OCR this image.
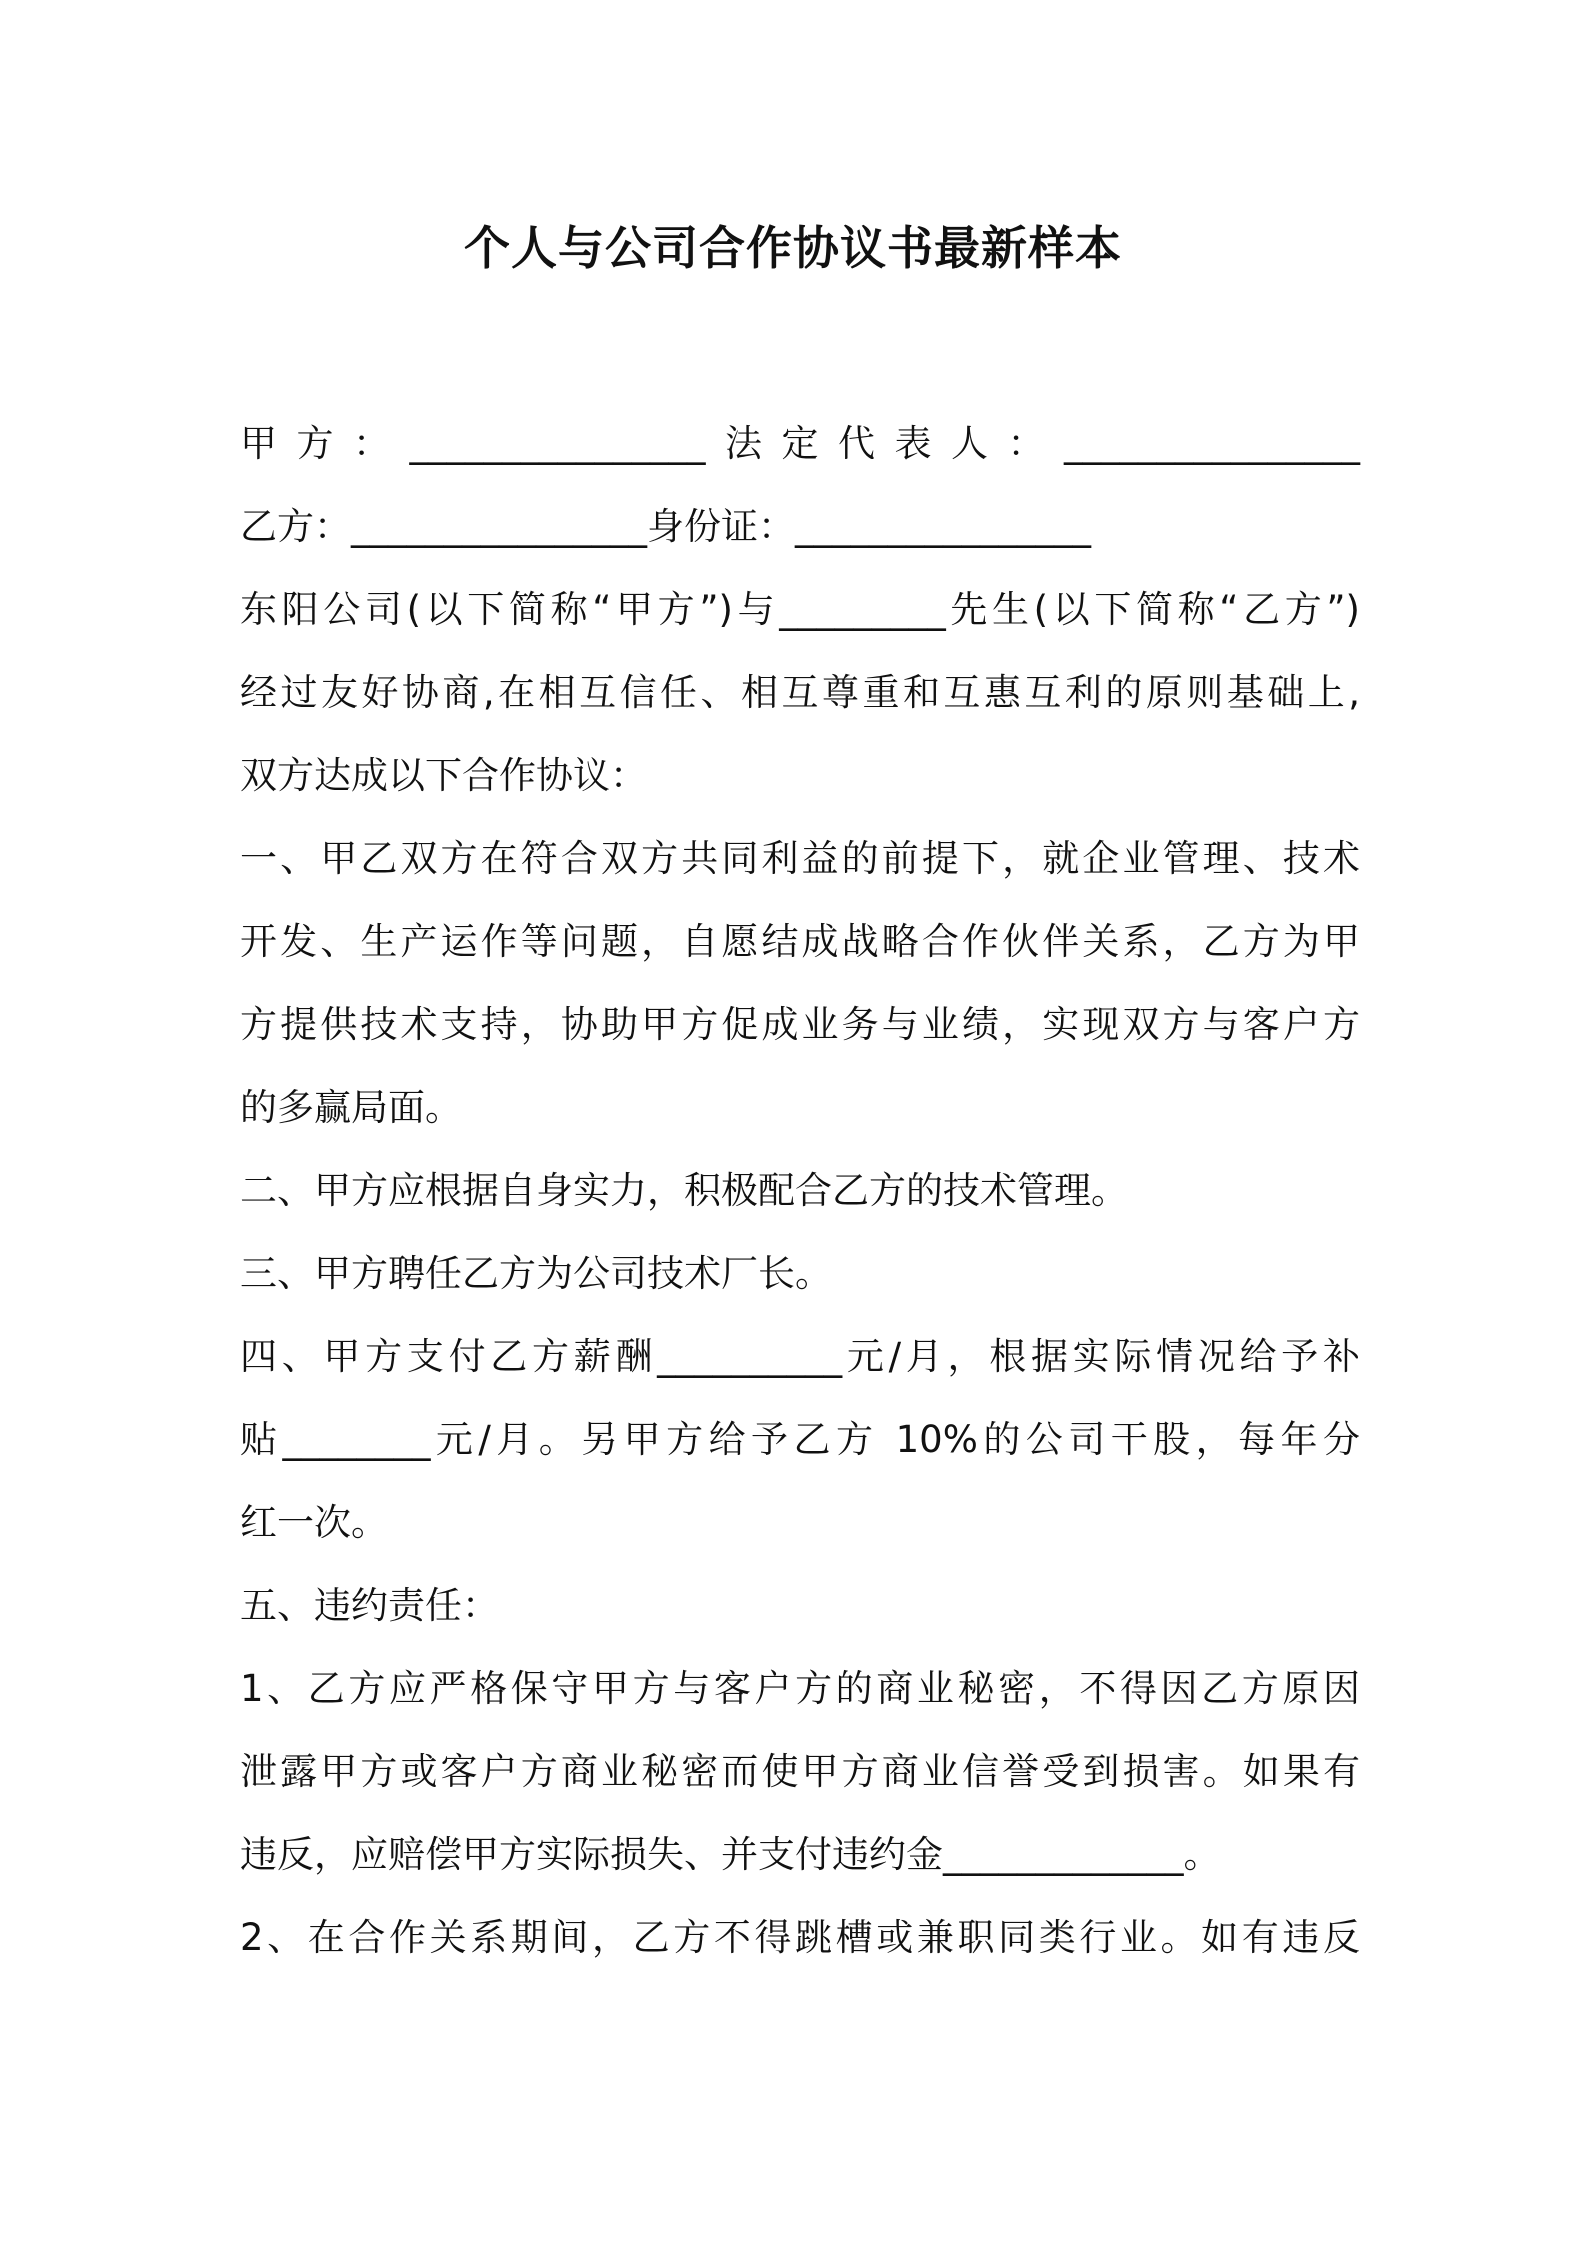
个人与公司合作协议书最新样本
甲方：________________法定代表人：________________
乙方：________________身份证：________________
东阳公司(以下简称“甲方”)与_________先生(以下简称“乙方”)
经过友好协商,在相互信任、相互尊重和互惠互利的原则基础上,
双方达成以下合作协议：
一、甲乙双方在符合双方共同利益的前提下，就企业管理、技术
开发、生产运作等问题，自愿结成战略合作伙伴关系，乙方为甲
方提供技术支持，协助甲方促成业务与业绩，实现双方与客户方
的多赢局面。
二、甲方应根据自身实力，积极配合乙方的技术管理。
三、甲方聘任乙方为公司技术厂长。
四、甲方支付乙方薪酬__________元/月，根据实际情况给予补
贴________元/月。另甲方给予乙方 10%的公司干股，每年分
红一次。
五、违约责任：
1、乙方应严格保守甲方与客户方的商业秘密，不得因乙方原因
泄露甲方或客户方商业秘密而使甲方商业信誉受到损害。如果有
违反，应赔偿甲方实际损失、并支付违约金_____________。
2、在合作关系期间，乙方不得跳槽或兼职同类行业。如有违反
